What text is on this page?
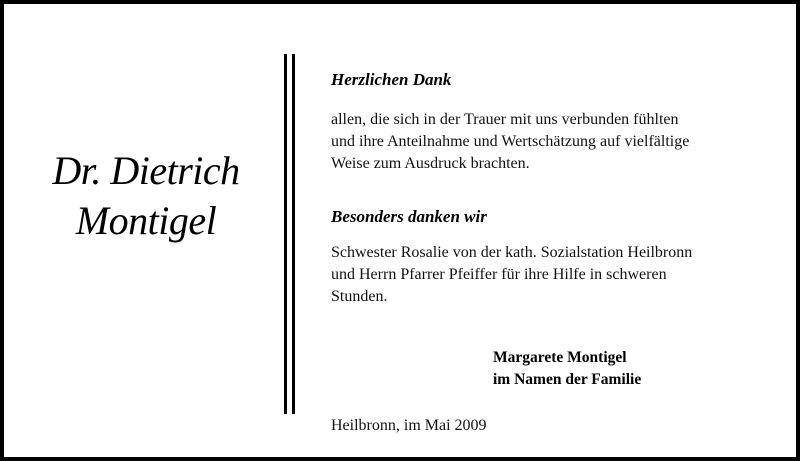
Dr. Dietrich
Montigel
Herzlichen Dank
allen, die sich in der Trauer mit uns verbunden fühlten
und ihre Anteilnahme und Wertschätzung auf vielfältige
Weise zum Ausdruck brachten.
Besonders danken wir
Schwester Rosalie von der kath. Sozialstation Heilbronn
und Herrn Pfarrer Pfeiffer für ihre Hilfe in schweren
Stunden.
Margarete Montigel
im Namen der Familie
Heilbronn, im Mai 2009
